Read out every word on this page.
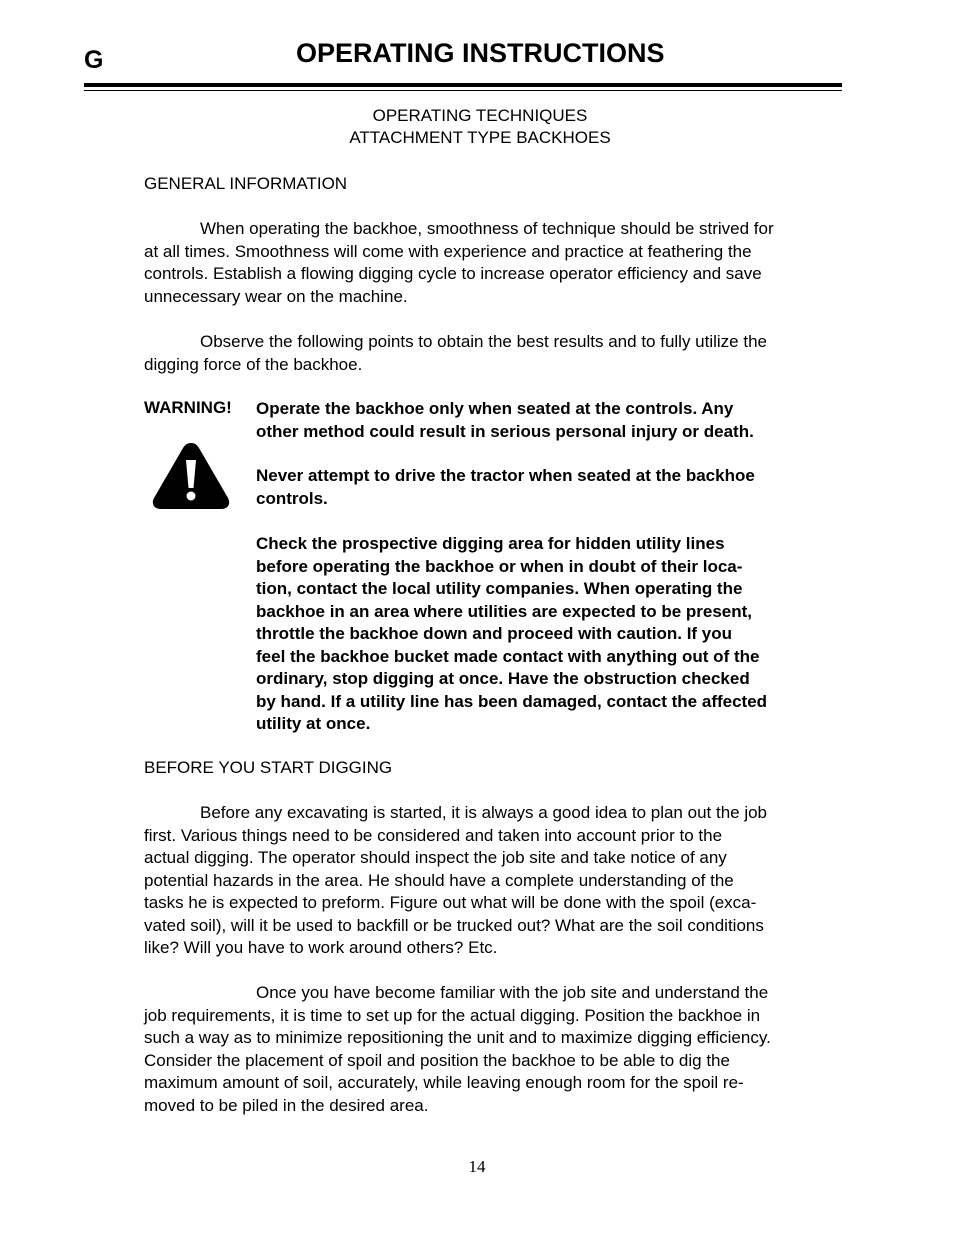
G	OPERATING INSTRUCTIONS
OPERATING TECHNIQUES
ATTACHMENT TYPE BACKHOES
GENERAL INFORMATION
When operating the backhoe, smoothness of technique should be strived for
at all times. Smoothness will come with experience and practice at feathering the
controls. Establish a flowing digging cycle to increase operator efficiency and save
unnecessary wear on the machine.
Observe the following points to obtain the best results and to fully utilize the
digging force of the backhoe.
WARNING! Operate the backhoe only when seated at the controls. Any
other method could result in serious personal injury or death.
Never attempt to drive the tractor when seated at the backhoe
controls.
Check the prospective digging area for hidden utility lines
before operating the backhoe or when in doubt of their loca-
tion, contact the local utility companies. When operating the
backhoe in an area where utilities are expected to be present,
throttle the backhoe down and proceed with caution. If you
feel the backhoe bucket made contact with anything out of the
ordinary, stop digging at once. Have the obstruction checked
by hand. If a utility line has been damaged, contact the affected
utility at once.
BEFORE YOU START DIGGING
Before any excavating is started, it is always a good idea to plan out the job
first. Various things need to be considered and taken into account prior to the
actual digging. The operator should inspect the job site and take notice of any
potential hazards in the area. He should have a complete understanding of the
tasks he is expected to preform. Figure out what will be done with the spoil (exca-
vated soil), will it be used to backfill or be trucked out? What are the soil conditions
like? Will you have to work around others? Etc.
Once you have become familiar with the job site and understand the
job requirements, it is time to set up for the actual digging. Position the backhoe in
such a way as to minimize repositioning the unit and to maximize digging efficiency.
Consider the placement of spoil and position the backhoe to be able to dig the
maximum amount of soil, accurately, while leaving enough room for the spoil re-
moved to be piled in the desired area.
14
